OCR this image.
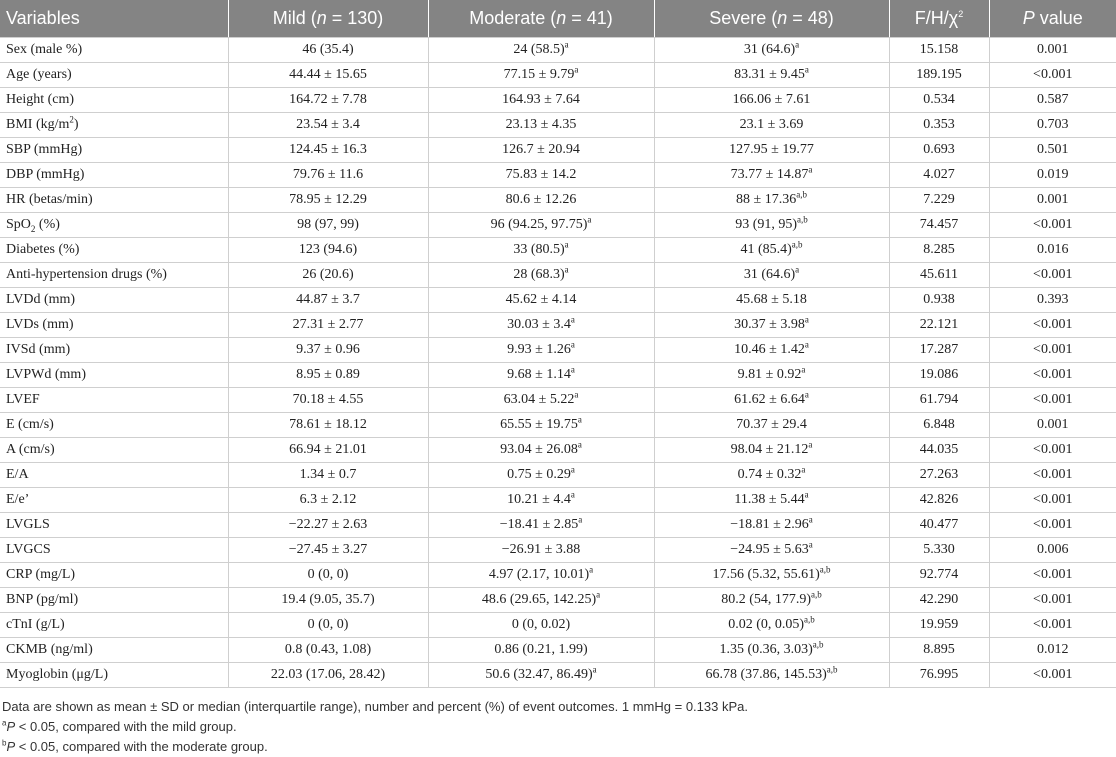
Variables	Mild (n = 130)	Moderate (n = 41)	Severe (n = 48)	$F/H/\chi^2$	P value
Sex (male %)	46 (35.4)	24 $(58.5)^a$	31 $(64.6)^a$	15.158	0.001
Age (years)	44.44 ± 15.65	77.15 ± 9.79$^a$	83.31 ± 9.45$^a$	189.195	<0.001
Height (cm)	164.72 ± 7.78	164.93 ± 7.64	166.06 ± 7.61	0.534	0.587
BMI $(kg/m^2)$	23.54 ± 3.4	23.13 ± 4.35	23.1 ± 3.69	0.353	0.703
SBP (mmHg)	124.45 ± 16.3	126.7 ± 20.94	127.95 ± 19.77	0.693	0.501
DBP (mmHg)	79.76 ± 11.6	75.83 ± 14.2	73.77 ± 14.87$^a$	4.027	0.019
HR (betas/min)	78.95 ± 12.29	80.6 ± 12.26	$88 \pm 17.36^{a,b}$	7.229	0.001
SpO$_2$ (%)	98 (97, 99)	96 (94.25, 97.75)$^a$	93 (91, 95)$^{a,b}$	74.457	<0.001
Diabetes (%)	123 (94.6)	33 $(80.5)^a$	41 $(85.4)^{a,b}$	8.285	0.016
Anti-hypertension drugs (%)	26 (20.6)	28 $(68.3)^a$	31 $(64.6)^a$	45.611	<0.001
LVDd (mm)	44.87 ± 3.7	45.62 ± 4.14	45.68 ± 5.18	0.938	0.393
LVDs (mm)	27.31 ± 2.77	30.03 ± 3.4$^a$	30.37 ± 3.98$^a$	22.121	<0.001
IVSd (mm)	9.37 ± 0.96	9.93 ± 1.26$^a$	10.46 ± 1.42$^a$	17.287	<0.001
LVPWd (mm)	8.95 ± 0.89	9.68 ± 1.14$^a$	9.81 ± 0.92$^a$	19.086	<0.001
LVEF	70.18 ± 4.55	63.04 ± 5.22$^a$	61.62 ± 6.64$^a$	61.794	<0.001
E (cm/s)	78.61 ± 18.12	65.55 ± 19.75$^a$	70.37 ± 29.4	6.848	0.001
A (cm/s)	66.94 ± 21.01	93.04 ± 26.08$^a$	98.04 ± 21.12$^a$	44.035	<0.001
E/A	1.34 ± 0.7	0.75 ± 0.29$^a$	0.74 ± 0.32$^a$	27.263	<0.001
E/e’	6.3 ± 2.12	10.21 ± 4.4$^a$	11.38 ± 5.44$^a$	42.826	<0.001
LVGLS	−22.27 ± 2.63	−18.41 ± 2.85$^a$	−18.81 ± 2.96$^a$	40.477	<0.001
LVGCS	−27.45 ± 3.27	−26.91 ± 3.88	−24.95 ± 5.63$^a$	5.330	0.006
CRP (mg/L)	0 (0, 0)	4.97 (2.17, 10.01)$^a$	17.56 (5.32, 55.61)$^{a,b}$	92.774	<0.001
BNP (pg/ml)	19.4 (9.05, 35.7)	48.6 (29.65, 142.25)$^a$	80.2 (54, 177.9)$^{a,b}$	42.290	<0.001
cTnI (g/L)	0 (0, 0)	0 (0, 0.02)	0.02 (0, 0.05)$^{a,b}$	19.959	<0.001
CKMB (ng/ml)	0.8 (0.43, 1.08)	0.86 (0.21, 1.99)	1.35 (0.36, 3.03)$^{a,b}$	8.895	0.012
Myoglobin (μg/L)	22.03 (17.06, 28.42)	50.6 (32.47, 86.49)$^a$	66.78 (37.86, 145.53)$^{a,b}$	76.995	<0.001
Data are shown as mean ± SD or median (interquartile range), number and percent (%) of event outcomes. 1 mmHg = 0.133 kPa.
$^a$P < 0.05, compared with the mild group.
$^b$P < 0.05, compared with the moderate group.
